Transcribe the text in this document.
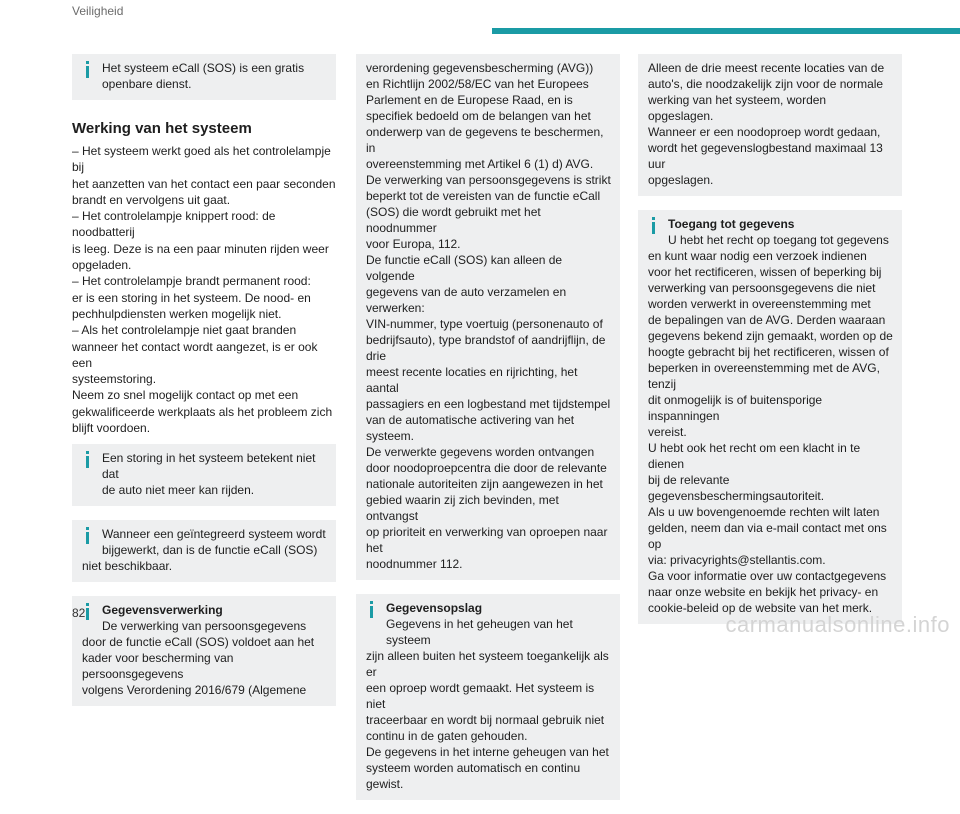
Veiligheid
Het systeem eCall (SOS) is een gratis
openbare dienst.
Werking van het systeem
– Het systeem werkt goed als het controlelampje bij
het aanzetten van het contact een paar seconden
brandt en vervolgens uit gaat.
– Het controlelampje knippert rood: de noodbatterij
is leeg. Deze is na een paar minuten rijden weer
opgeladen.
– Het controlelampje brandt permanent rood:
er is een storing in het systeem. De nood- en
pechhulpdiensten werken mogelijk niet.
– Als het controlelampje niet gaat branden
wanneer het contact wordt aangezet, is er ook een
systeemstoring.
Neem zo snel mogelijk contact op met een
gekwalificeerde werkplaats als het probleem zich
blijft voordoen.
Een storing in het systeem betekent niet dat
de auto niet meer kan rijden.
Wanneer een geïntegreerd systeem wordt
bijgewerkt, dan is de functie eCall (SOS)
niet beschikbaar.
Gegevensverwerking
De verwerking van persoonsgegevens
door de functie eCall (SOS) voldoet aan het
kader voor bescherming van persoonsgegevens
volgens Verordening 2016/679 (Algemene
verordening gegevensbescherming (AVG))
en Richtlijn 2002/58/EC van het Europees
Parlement en de Europese Raad, en is
specifiek bedoeld om de belangen van het
onderwerp van de gegevens te beschermen, in
overeenstemming met Artikel 6 (1) d) AVG.
De verwerking van persoonsgegevens is strikt
beperkt tot de vereisten van de functie eCall
(SOS) die wordt gebruikt met het noodnummer
voor Europa, 112.
De functie eCall (SOS) kan alleen de volgende
gegevens van de auto verzamelen en verwerken:
VIN-nummer, type voertuig (personenauto of
bedrijfsauto), type brandstof of aandrijflijn, de drie
meest recente locaties en rijrichting, het aantal
passagiers en een logbestand met tijdstempel
van de automatische activering van het systeem.
De verwerkte gegevens worden ontvangen
door noodoproepcentra die door de relevante
nationale autoriteiten zijn aangewezen in het
gebied waarin zij zich bevinden, met ontvangst
op prioriteit en verwerking van oproepen naar het
noodnummer 112.
Gegevensopslag
Gegevens in het geheugen van het systeem
zijn alleen buiten het systeem toegankelijk als er
een oproep wordt gemaakt. Het systeem is niet
traceerbaar en wordt bij normaal gebruik niet
continu in de gaten gehouden.
De gegevens in het interne geheugen van het
systeem worden automatisch en continu gewist.
Alleen de drie meest recente locaties van de
auto's, die noodzakelijk zijn voor de normale
werking van het systeem, worden opgeslagen.
Wanneer er een noodoproep wordt gedaan,
wordt het gegevenslogbestand maximaal 13 uur
opgeslagen.
Toegang tot gegevens
U hebt het recht op toegang tot gegevens
en kunt waar nodig een verzoek indienen
voor het rectificeren, wissen of beperking bij
verwerking van persoonsgegevens die niet
worden verwerkt in overeenstemming met
de bepalingen van de AVG. Derden waaraan
gegevens bekend zijn gemaakt, worden op de
hoogte gebracht bij het rectificeren, wissen of
beperken in overeenstemming met de AVG, tenzij
dit onmogelijk is of buitensporige inspanningen
vereist.
U hebt ook het recht om een klacht in te dienen
bij de relevante gegevensbeschermingsautoriteit.
Als u uw bovengenoemde rechten wilt laten
gelden, neem dan via e-mail contact met ons op
via: privacyrights@stellantis.com.
Ga voor informatie over uw contactgegevens
naar onze website en bekijk het privacy- en
cookie-beleid op de website van het merk.
82	carmanualsonline.info
